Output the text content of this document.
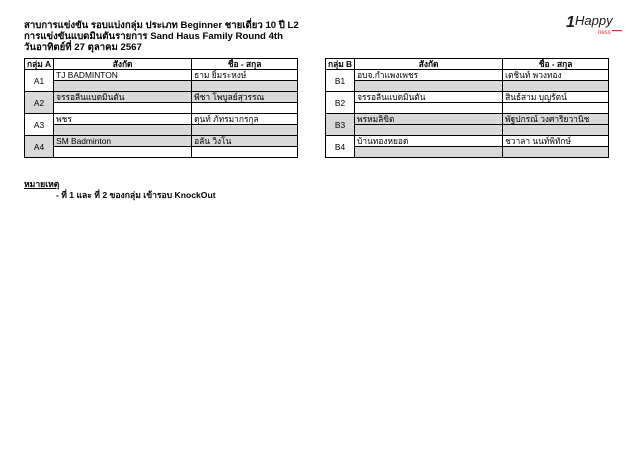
สาบการแข่งขัน รอบแบ่งกลุ่ม ประเภท Beginner ชายเดี่ยว 10 ปี L2
การแข่งขันแบดมินตันรายการ Sand Haus Family Round 4th
วันอาทิตย์ที่ 27 ตุลาคม 2567
1 Happy
ness
กลุ่ม A	สังกัด	ชื่อ - สกุล
A1	TJ BADMINTON	ธาม ยิ้มระหงษ์

A2	จรรอลีนแบดมินตัน	พีชา โพบูลย์สุวรรณ

A3	พชร	ดุนท์ ภัทรมากรกุล

A4	SM Badminton	อลัน วิงโน

กลุ่ม B	สังกัด	ชื่อ - สกุล
B1	อบจ.กำแพงเพชร	เตชินท์ พวงทอง

B2	จรรอลีนแบดมินตัน	สินธ์สาม บุญรัตน์

B3	พรหมลิขิต	พัฐปกรณ์ วงศาริยวานิช

B4	บ้านทองหยอด	ชวาลา นนท์พิทักษ์

หมายเหตุ
- ที่ 1 และ ที่ 2 ของกลุ่ม เข้ารอบ KnockOut
